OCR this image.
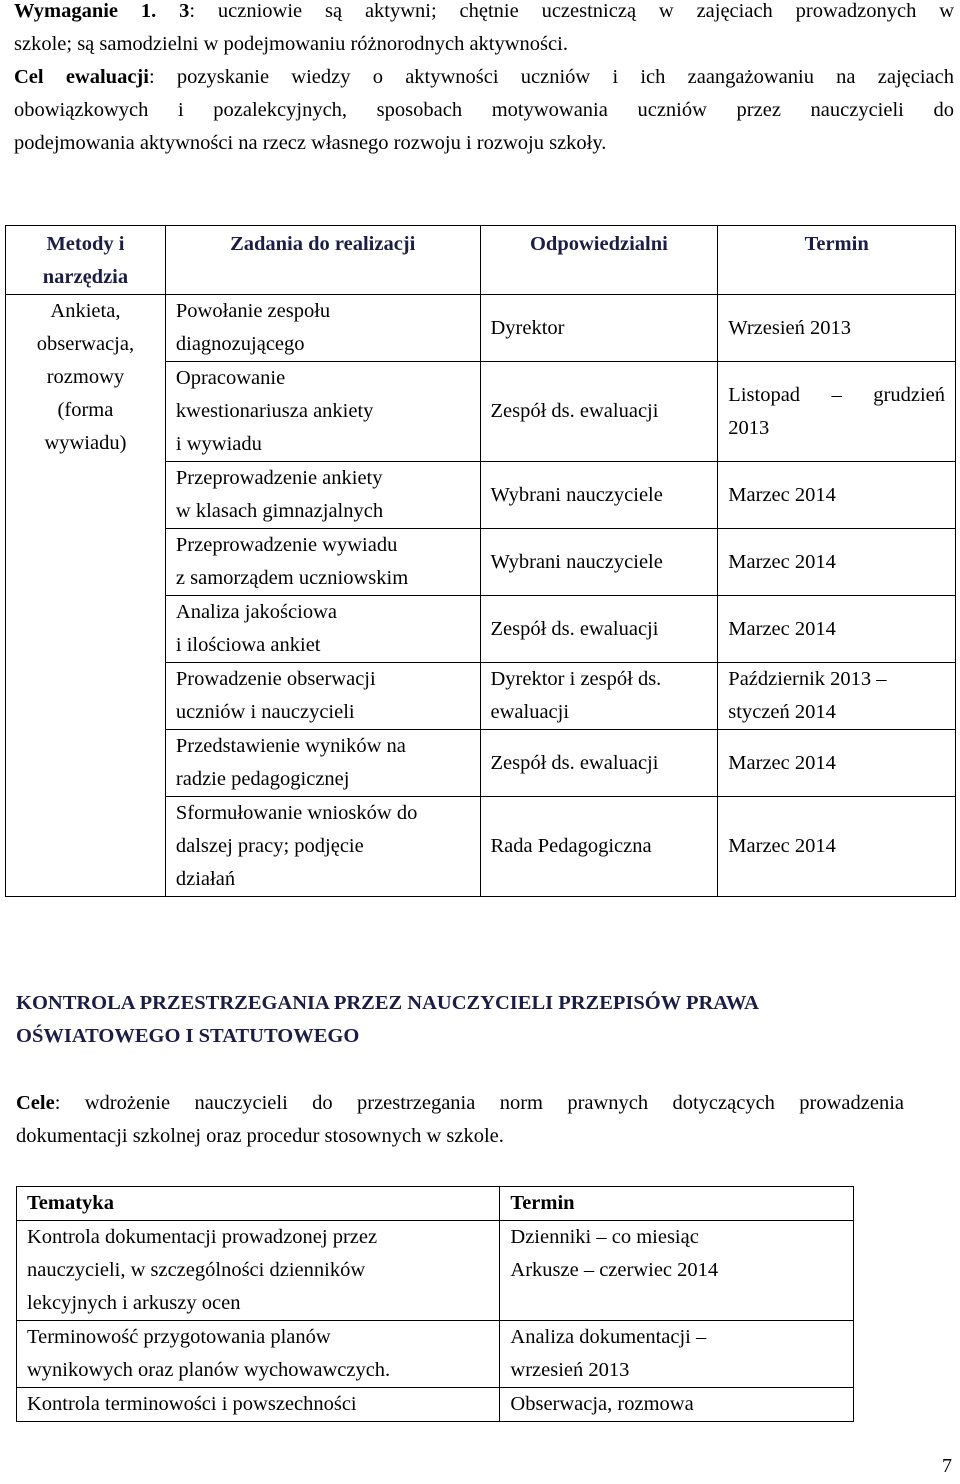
Wymaganie 1. 3: uczniowie są aktywni; chętnie uczestniczą w zajęciach prowadzonych w
szkole; są samodzielni w podejmowaniu różnorodnych aktywności.
Cel ewaluacji: pozyskanie wiedzy o aktywności uczniów i ich zaangażowaniu na zajęciach
obowiązkowych i pozalekcyjnych, sposobach motywowania uczniów przez nauczycieli do
podejmowania aktywności na rzecz własnego rozwoju i rozwoju szkoły.
Metody i
narzędzia	Zadania do realizacji	Odpowiedzialni	Termin

Ankieta,
obserwacja,
rozmowy
(forma
wywiadu)	Powołanie zespołu
diagnozującego	Dyrektor	Wrzesień 2013

	Opracowanie
kwestionariusza ankiety
i wywiadu	Zespół ds. ewaluacji	Listopad – grudzień
2013

	Przeprowadzenie ankiety
w klasach gimnazjalnych	Wybrani nauczyciele	Marzec 2014

	Przeprowadzenie wywiadu
z samorządem uczniowskim	Wybrani nauczyciele	Marzec 2014

	Analiza jakościowa
i ilościowa ankiet	Zespół ds. ewaluacji	Marzec 2014

	Prowadzenie obserwacji
uczniów i nauczycieli	Dyrektor i zespół ds.
ewaluacji	Październik 2013 –
styczeń 2014

	Przedstawienie wyników na
radzie pedagogicznej	Zespół ds. ewaluacji	Marzec 2014

	Sformułowanie wniosków do
dalszej pracy; podjęcie
działań	Rada Pedagogiczna	Marzec 2014
KONTROLA PRZESTRZEGANIA PRZEZ NAUCZYCIELI PRZEPISÓW PRAWA
OŚWIATOWEGO I STATUTOWEGO
Cele: wdrożenie nauczycieli do przestrzegania norm prawnych dotyczących prowadzenia
dokumentacji szkolnej oraz procedur stosownych w szkole.
Tematyka	Termin

Kontrola dokumentacji prowadzonej przez
nauczycieli, w szczególności dzienników
lekcyjnych i arkuszy ocen	Dzienniki – co miesiąc
Arkusze – czerwiec 2014

Terminowość przygotowania planów
wynikowych oraz planów wychowawczych.	Analiza dokumentacji –
wrzesień 2013

Kontrola terminowości i powszechności	Obserwacja, rozmowa
7
